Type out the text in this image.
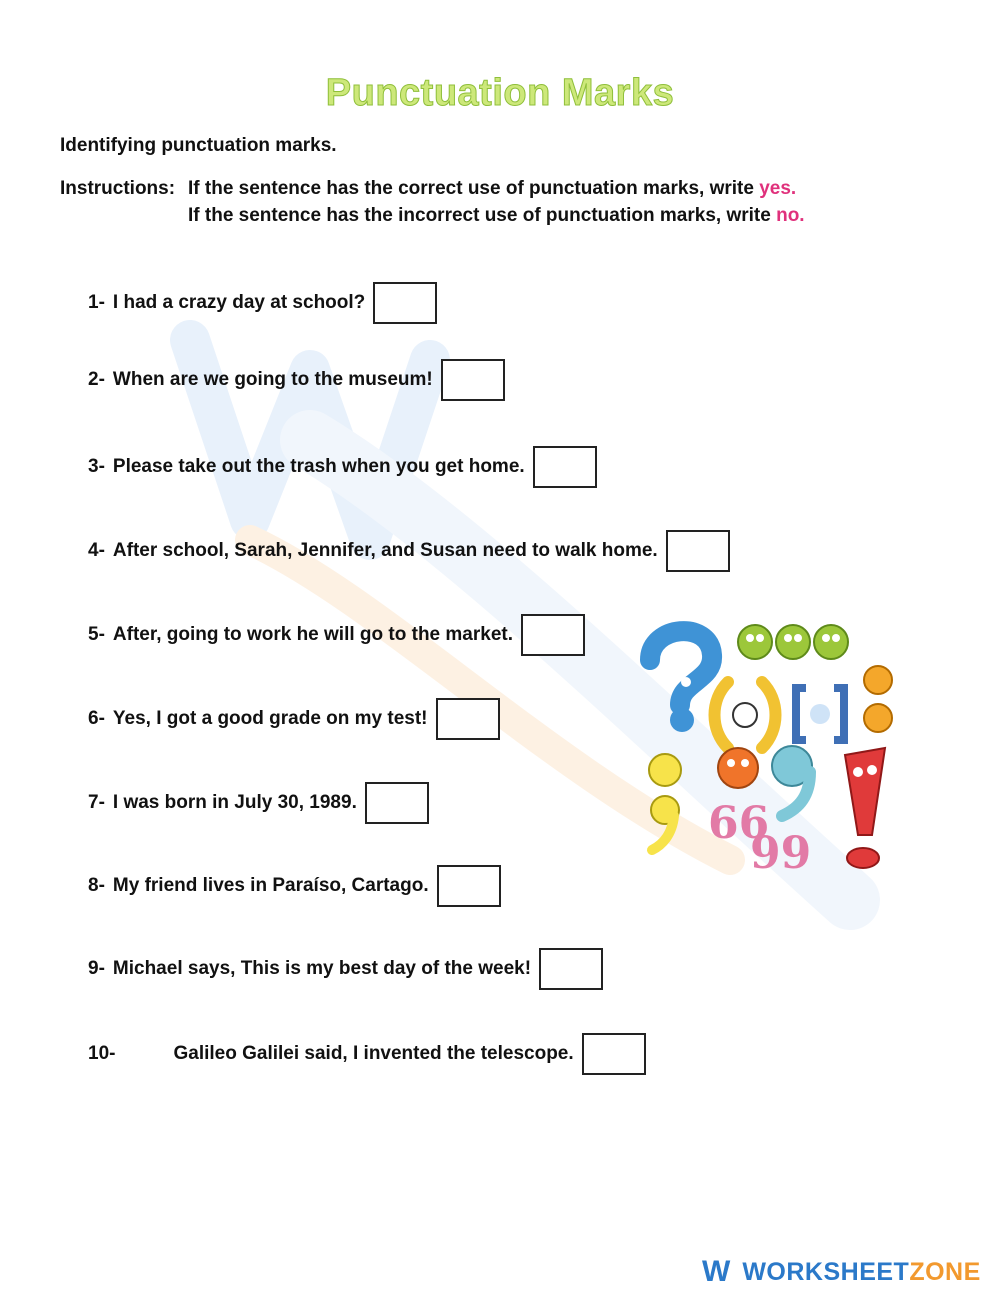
Punctuation Marks
Identifying punctuation marks.
Instructions: If the sentence has the correct use of punctuation marks, write yes.
If the sentence has the incorrect use of punctuation marks, write no.
1- I had a crazy day at school?
2- When are we going to the museum!
3- Please take out the trash when you get home.
4- After school, Sarah, Jennifer, and Susan need to walk home.
5- After, going to work he will go to the market.
6- Yes, I got a good grade on my test!
7- I was born in July 30, 1989.
8- My friend lives in Paraíso, Cartago.
9- Michael says, This is my best day of the week!
10-	Galileo Galilei said, I invented the telescope.
66
99
W WORKSHEETZONE
